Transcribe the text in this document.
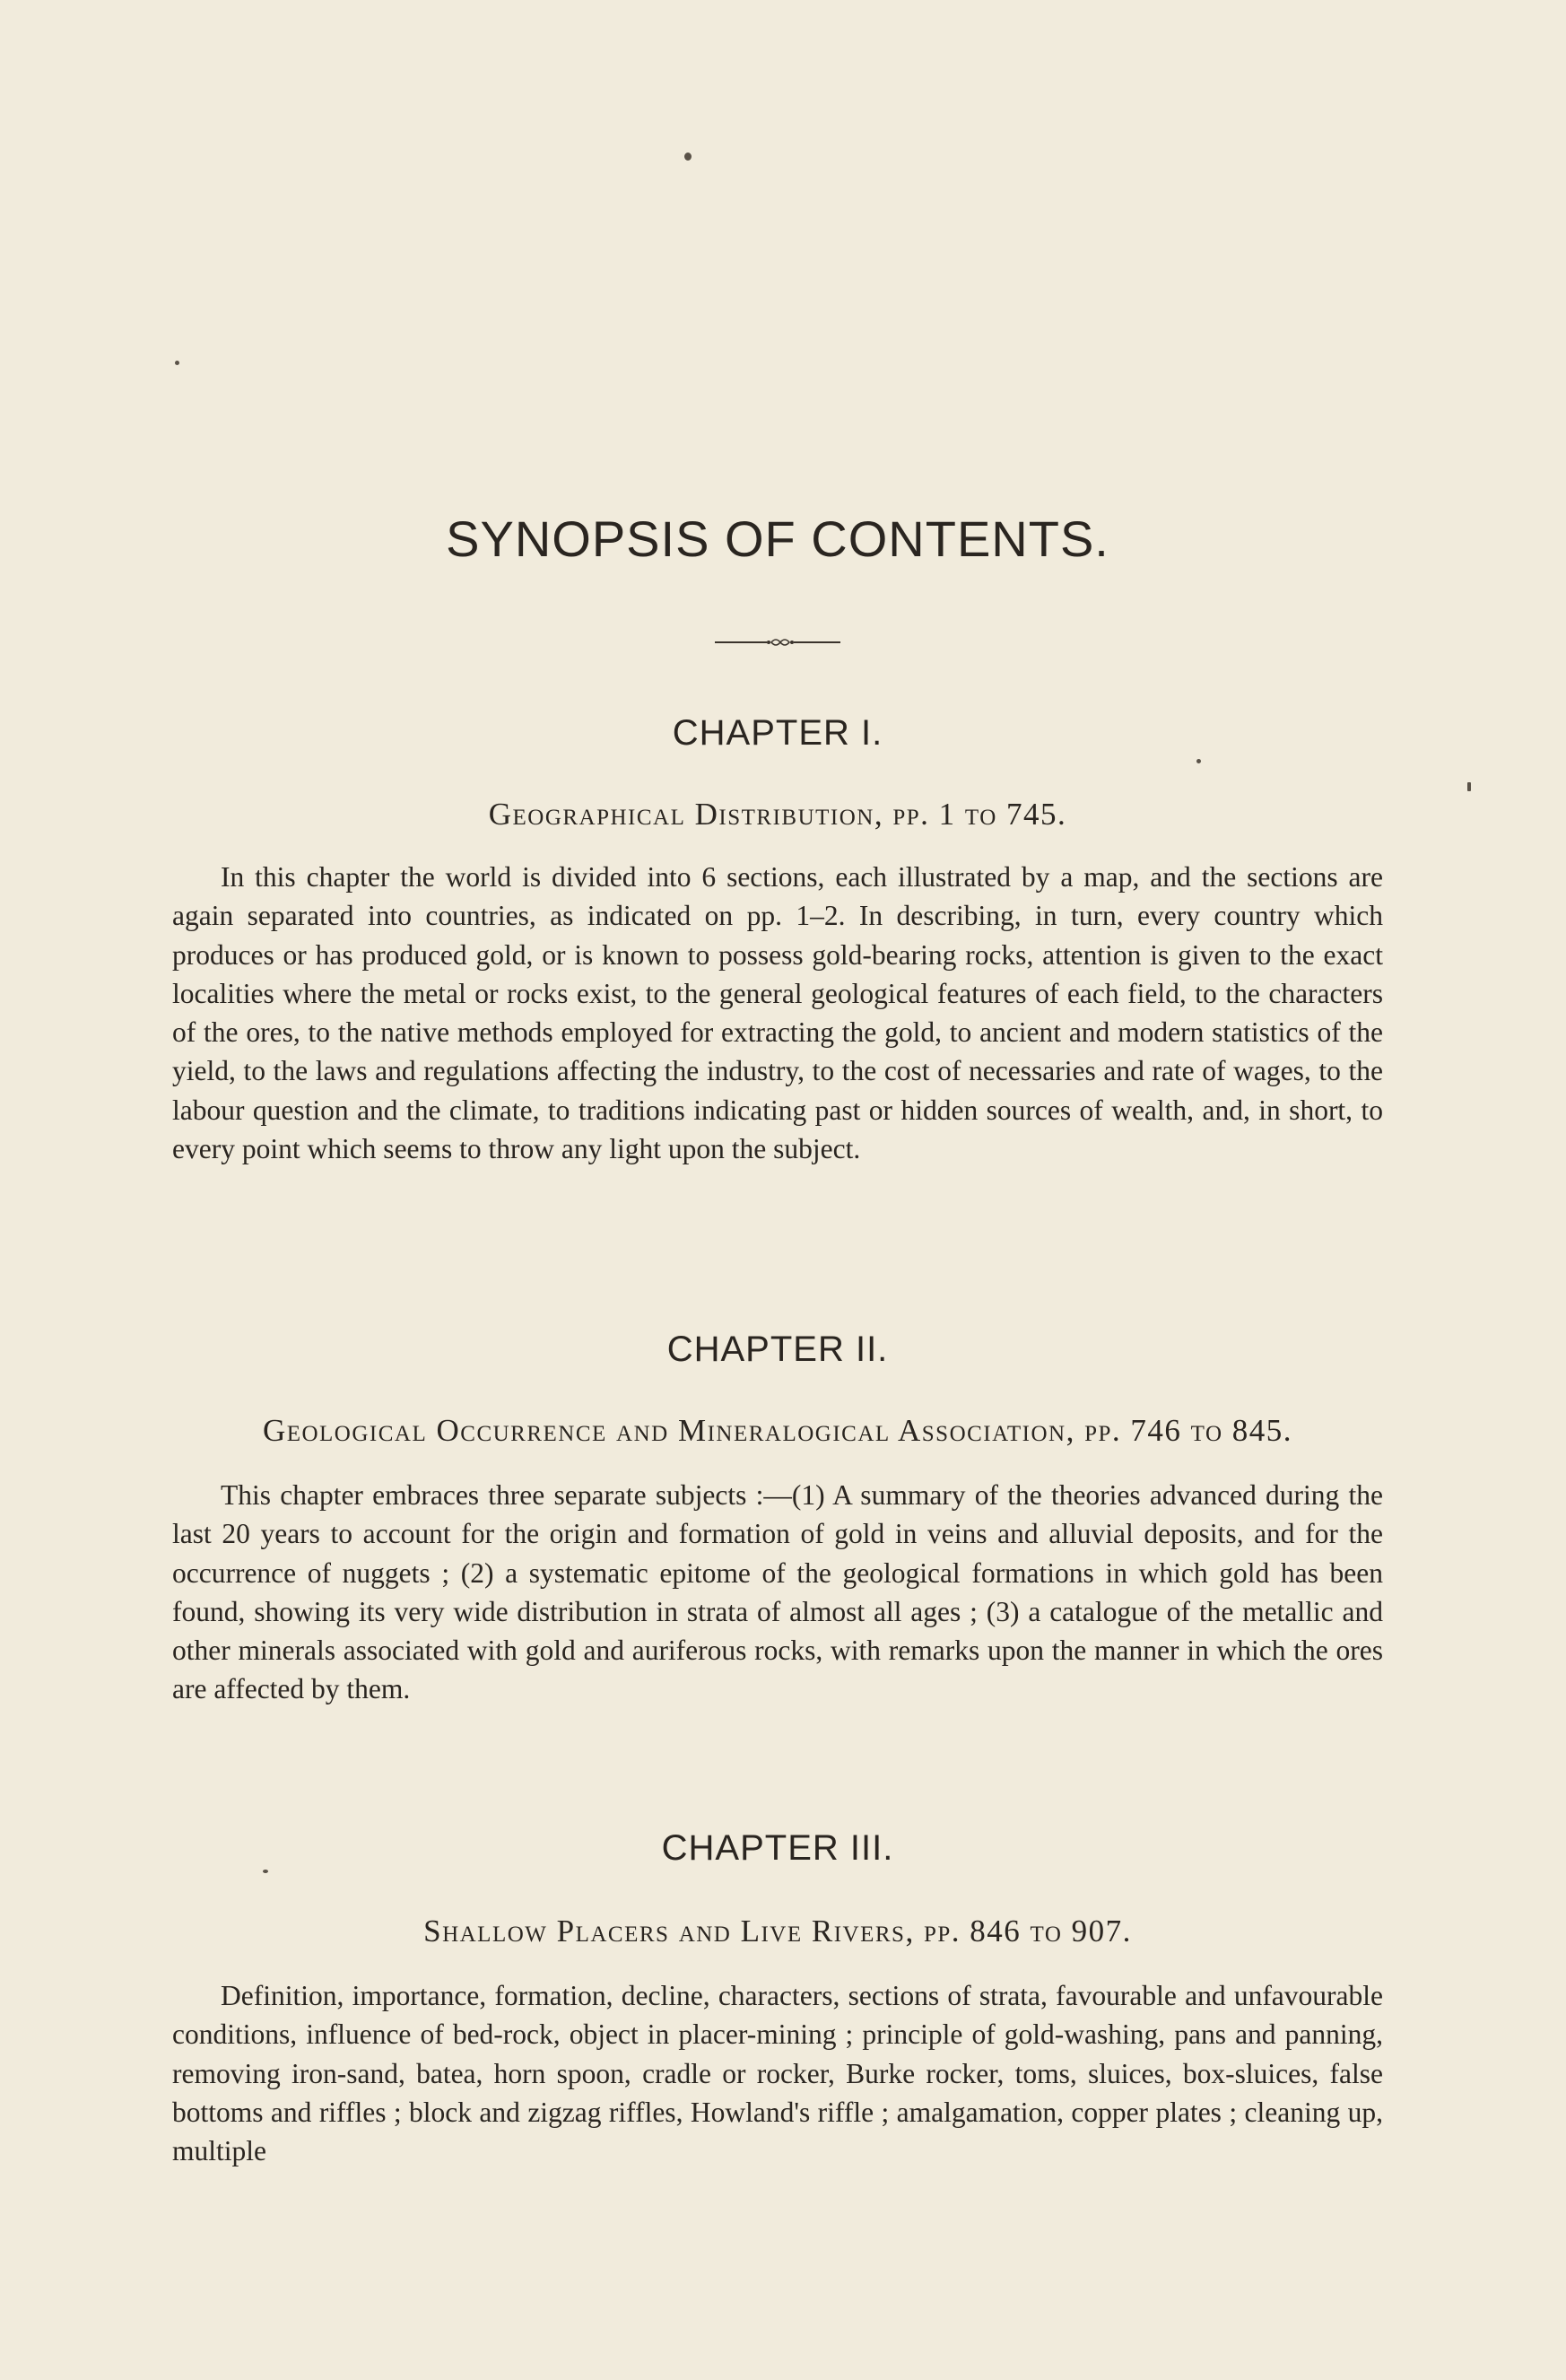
SYNOPSIS OF CONTENTS.
CHAPTER I.

Geographical Distribution, pp. 1 to 745.

In this chapter the world is divided into 6 sections, each illustrated by a map, and the sections are again separated into countries, as indicated on pp. 1–2. In describing, in turn, every country which produces or has produced gold, or is known to possess gold-bearing rocks, attention is given to the exact localities where the metal or rocks exist, to the general geological features of each field, to the characters of the ores, to the native methods employed for extracting the gold, to ancient and modern statistics of the yield, to the laws and regulations affecting the industry, to the cost of necessaries and rate of wages, to the labour question and the climate, to traditions indicating past or hidden sources of wealth, and, in short, to every point which seems to throw any light upon the subject.

CHAPTER II.

Geological Occurrence and Mineralogical Association, pp. 746 to 845.

This chapter embraces three separate subjects :—(1) A summary of the theories advanced during the last 20 years to account for the origin and formation of gold in veins and alluvial deposits, and for the occurrence of nuggets ; (2) a systematic epitome of the geological formations in which gold has been found, showing its very wide distribution in strata of almost all ages ; (3) a catalogue of the metallic and other minerals associated with gold and auriferous rocks, with remarks upon the manner in which the ores are affected by them.

CHAPTER III.

Shallow Placers and Live Rivers, pp. 846 to 907.

Definition, importance, formation, decline, characters, sections of strata, favourable and unfavourable conditions, influence of bed-rock, object in placer-mining ; principle of gold-washing, pans and panning, removing iron-sand, batea, horn spoon, cradle or rocker, Burke rocker, toms, sluices, box-sluices, false bottoms and riffles ; block and zigzag riffles, Howland's riffle ; amalgamation, copper plates ; cleaning up, multiple
